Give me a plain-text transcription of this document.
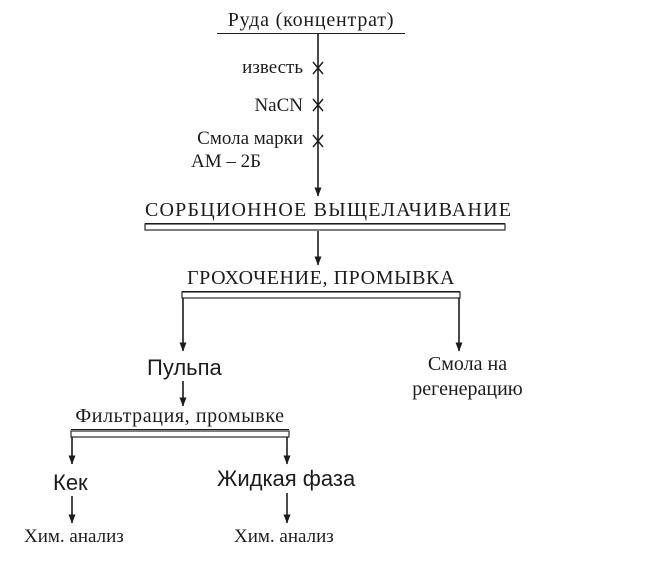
Руда (концентрат)
известь
NaCN
Смола марки
АМ – 2Б
СОРБЦИОННОЕ ВЫЩЕЛАЧИВАНИЕ
ГРОХОЧЕНИЕ, ПРОМЫВКА
Пульпа	Смола на
регенерацию
Фильтрация, промывке
Кек	Жидкая фаза
Хим. анализ	Хим. анализ
